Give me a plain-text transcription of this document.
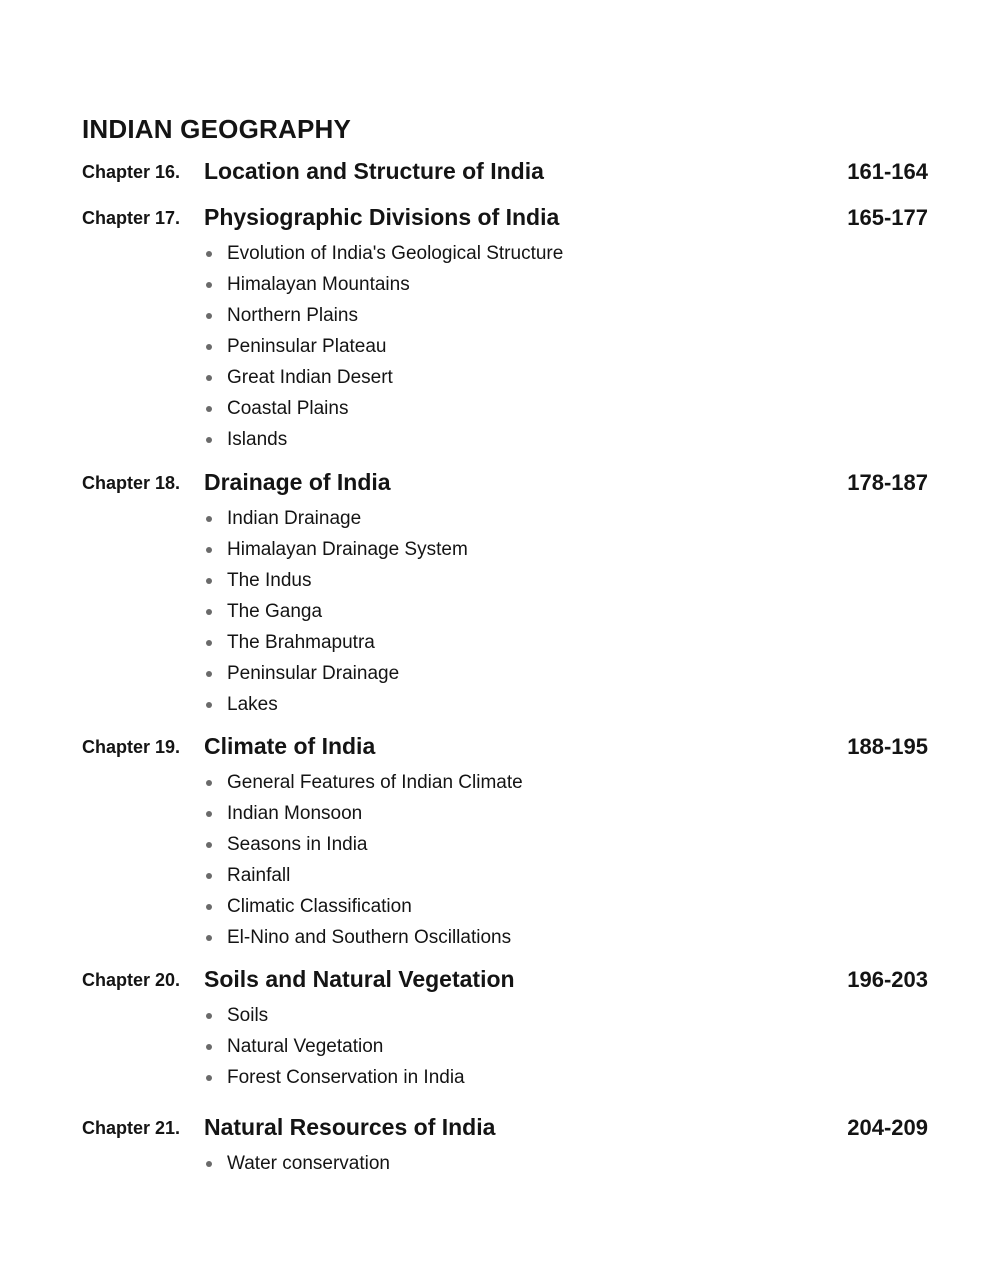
INDIAN GEOGRAPHY
Chapter 16. Location and Structure of India	161-164
Chapter 17. Physiographic Divisions of India	165-177
Evolution of India's Geological Structure
Himalayan Mountains
Northern Plains
Peninsular Plateau
Great Indian Desert
Coastal Plains
Islands
Chapter 18. Drainage of India	178-187
Indian Drainage
Himalayan Drainage System
The Indus
The Ganga
The Brahmaputra
Peninsular Drainage
Lakes
Chapter 19. Climate of India	188-195
General Features of Indian Climate
Indian Monsoon
Seasons in India
Rainfall
Climatic Classification
El-Nino and Southern Oscillations
Chapter 20. Soils and Natural Vegetation	196-203
Soils
Natural Vegetation
Forest Conservation in India
Chapter 21. Natural Resources of India	204-209
Water conservation
